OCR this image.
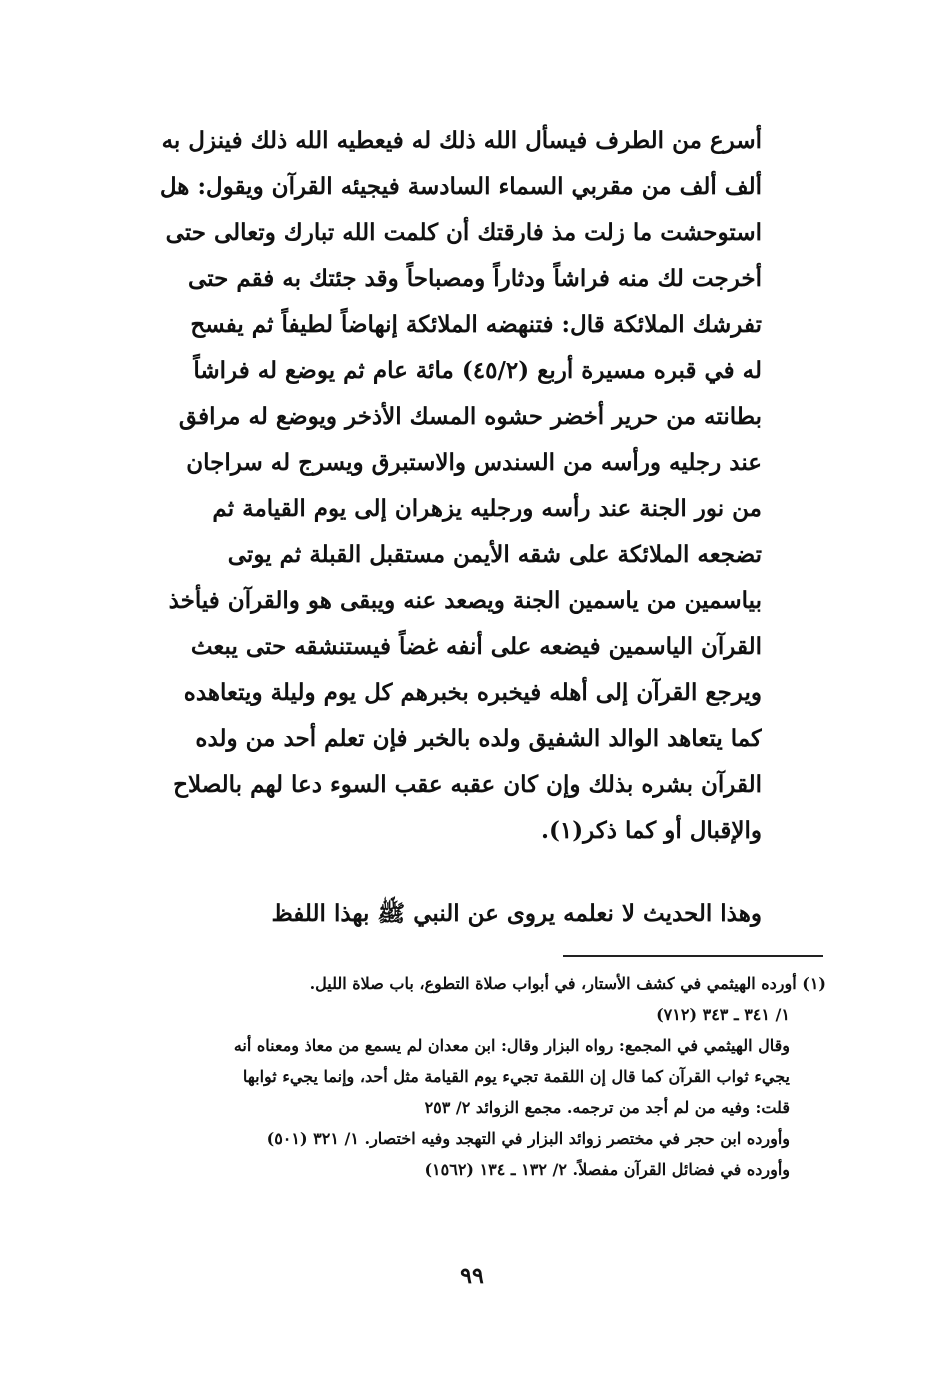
أسرع من الطرف فيسأل الله ذلك له فيعطيه الله ذلك فينزل به
ألف ألف من مقربي السماء السادسة فيجيئه القرآن ويقول: هل
استوحشت ما زلت مذ فارقتك أن كلمت الله تبارك وتعالى حتى
أخرجت لك منه فراشاً ودثاراً ومصباحاً وقد جئتك به فقم حتى
تفرشك الملائكة قال: فتنهضه الملائكة إنهاضاً لطيفاً ثم يفسح
له في قبره مسيرة أربع (٤٥/٢) مائة عام ثم يوضع له فراشاً
بطانته من حرير أخضر حشوه المسك الأذخر ويوضع له مرافق
عند رجليه ورأسه من السندس والاستبرق ويسرج له سراجان
من نور الجنة عند رأسه ورجليه يزهران إلى يوم القيامة ثم
تضجعه الملائكة على شقه الأيمن مستقبل القبلة ثم يوتى
بياسمين من ياسمين الجنة ويصعد عنه ويبقى هو والقرآن فيأخذ
القرآن الياسمين فيضعه على أنفه غضاً فيستنشقه حتى يبعث
ويرجع القرآن إلى أهله فيخبره بخبرهم كل يوم وليلة ويتعاهده
كما يتعاهد الوالد الشفيق ولده بالخبر فإن تعلم أحد من ولده
القرآن بشره بذلك وإن كان عقبه عقب السوء دعا لهم بالصلاح
والإقبال أو كما ذكر(١).
وهذا الحديث لا نعلمه يروى عن النبي ﷺ بهذا اللفظ
(١) أورده الهيثمي في كشف الأستار، في أبواب صلاة التطوع، باب صلاة الليل.
١/ ٣٤١ ـ ٣٤٣ (٧١٢)
وقال الهيثمي في المجمع: رواه البزار وقال: ابن معدان لم يسمع من معاذ ومعناه أنه
يجيء ثواب القرآن كما قال إن اللقمة تجيء يوم القيامة مثل أحد، وإنما يجيء ثوابها
قلت: وفيه من لم أجد من ترجمه. مجمع الزوائد ٢/ ٢٥٣
وأورده ابن حجر في مختصر زوائد البزار في التهجد وفيه اختصار. ١/ ٣٢١ (٥٠١)
وأورده في فضائل القرآن مفصلاً. ٢/ ١٣٢ ـ ١٣٤ (١٥٦٢)
٩٩
